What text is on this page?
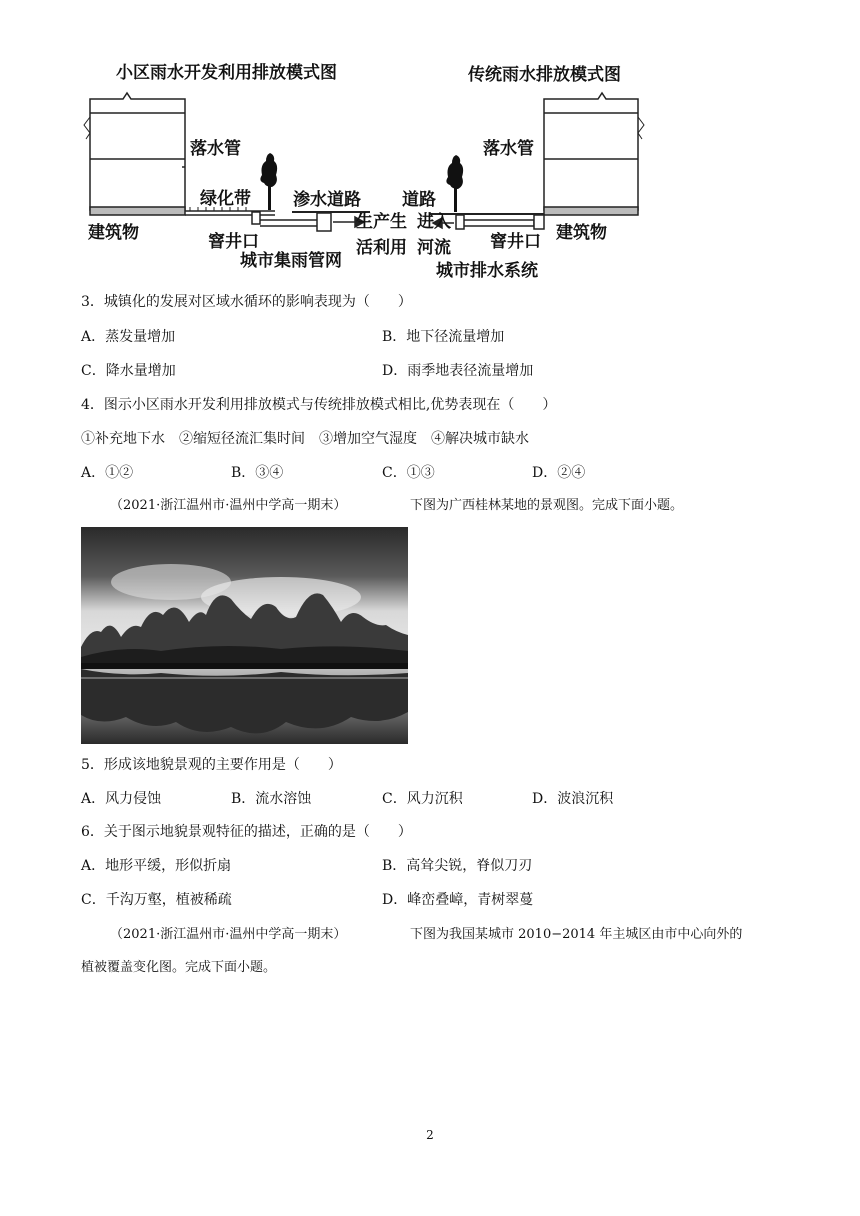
小区雨水开发利用排放模式图	传统雨水排放模式图
落水管
绿化带 渗水道路
建筑物	窨井口
城市集雨管网
生产生
活利用
落水管
道路
进入
河流 窨井口 建筑物
城市排水系统
3．城镇化的发展对区域水循环的影响表现为（　　）
A．蒸发量增加	B．地下径流量增加
C．降水量增加	D．雨季地表径流量增加
4．图示小区雨水开发利用排放模式与传统排放模式相比,优势表现在（　　）
①补充地下水　②缩短径流汇集时间　③增加空气湿度　④解决城市缺水
A．①②	B．③④	C．①③	D．②④
（2021·浙江温州市·温州中学高一期末）	下图为广西桂林某地的景观图。完成下面小题。
5．形成该地貌景观的主要作用是（　　）
A．风力侵蚀	B．流水溶蚀	C．风力沉积	D．波浪沉积
6．关于图示地貌景观特征的描述，正确的是（　　）
A．地形平缓，形似折扇	B．高耸尖锐，脊似刀刃
C．千沟万壑，植被稀疏	D．峰峦叠嶂，青树翠蔓
（2021·浙江温州市·温州中学高一期末）	下图为我国某城市 2010−2014 年主城区由市中心向外的
植被覆盖变化图。完成下面小题。
2
